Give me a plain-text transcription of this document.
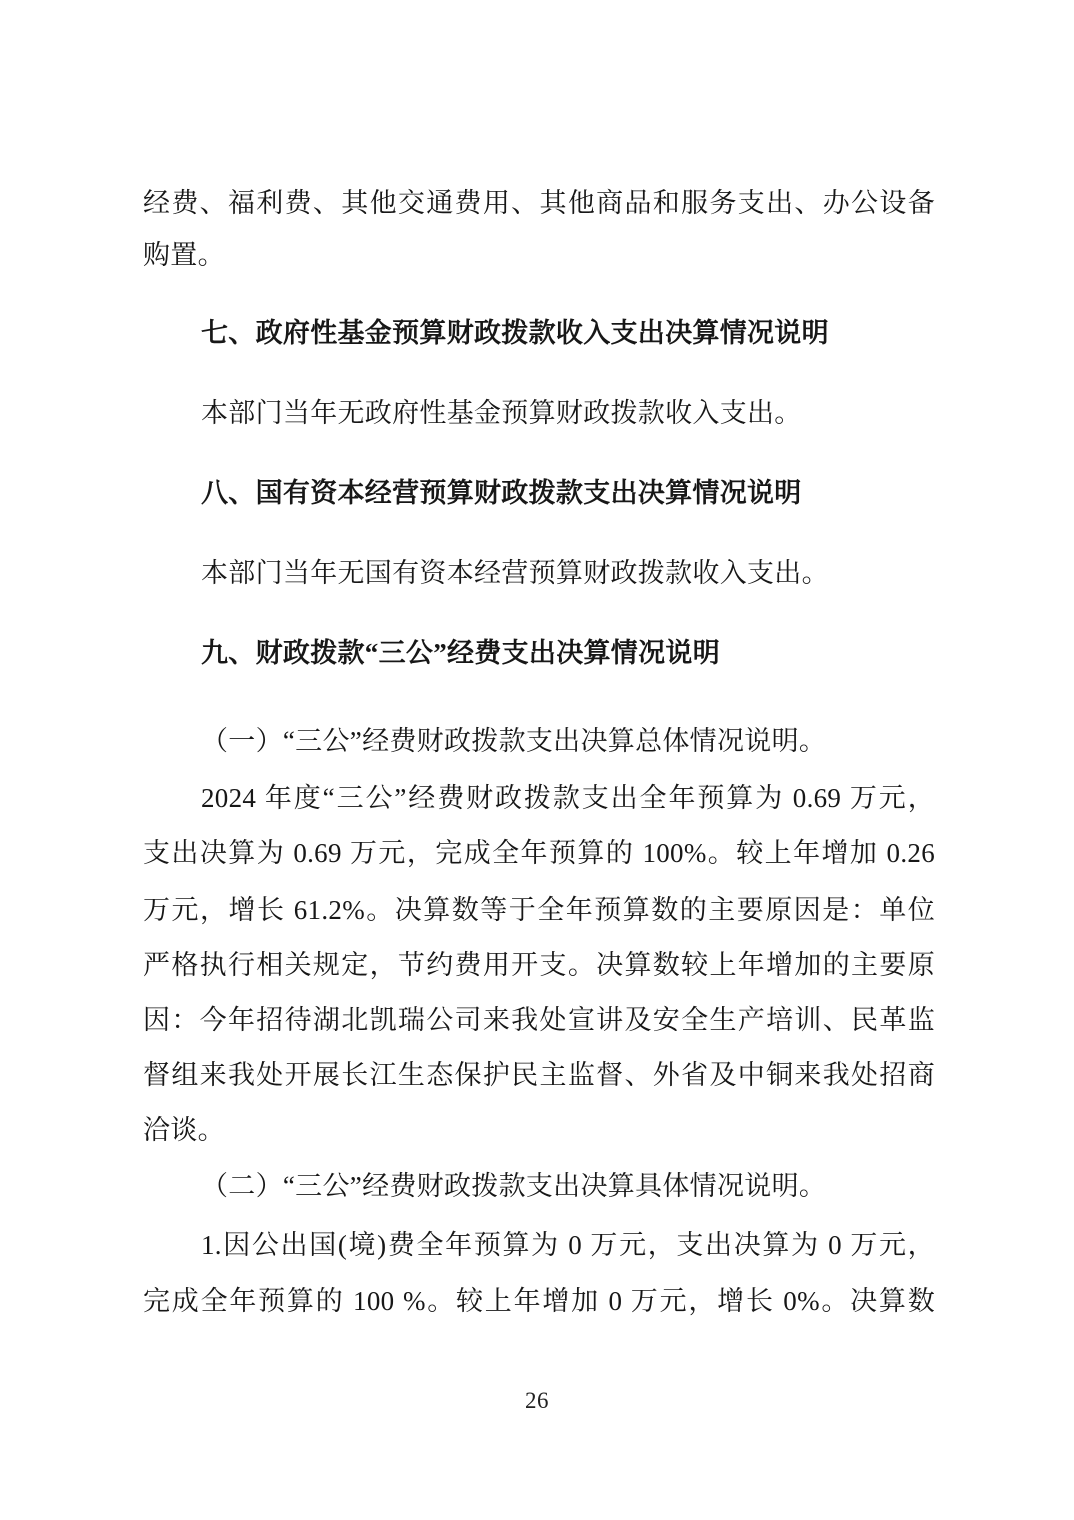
经费、福利费、其他交通费用、其他商品和服务支出、办公设备
购置。
七、政府性基金预算财政拨款收入支出决算情况说明
本部门当年无政府性基金预算财政拨款收入支出。
八、国有资本经营预算财政拨款支出决算情况说明
本部门当年无国有资本经营预算财政拨款收入支出。
九、财政拨款“三公”经费支出决算情况说明
（一）“三公”经费财政拨款支出决算总体情况说明。
2024 年度“三公”经费财政拨款支出全年预算为 0.69 万元，
支出决算为 0.69 万元，完成全年预算的 100%。较上年增加 0.26
万元，增长 61.2%。决算数等于全年预算数的主要原因是：单位
严格执行相关规定，节约费用开支。决算数较上年增加的主要原
因：今年招待湖北凯瑞公司来我处宣讲及安全生产培训、民革监
督组来我处开展长江生态保护民主监督、外省及中铜来我处招商
洽谈。
（二）“三公”经费财政拨款支出决算具体情况说明。
1.因公出国(境)费全年预算为 0 万元，支出决算为 0 万元，
完成全年预算的 100 %。较上年增加 0 万元，增长 0%。决算数
26
